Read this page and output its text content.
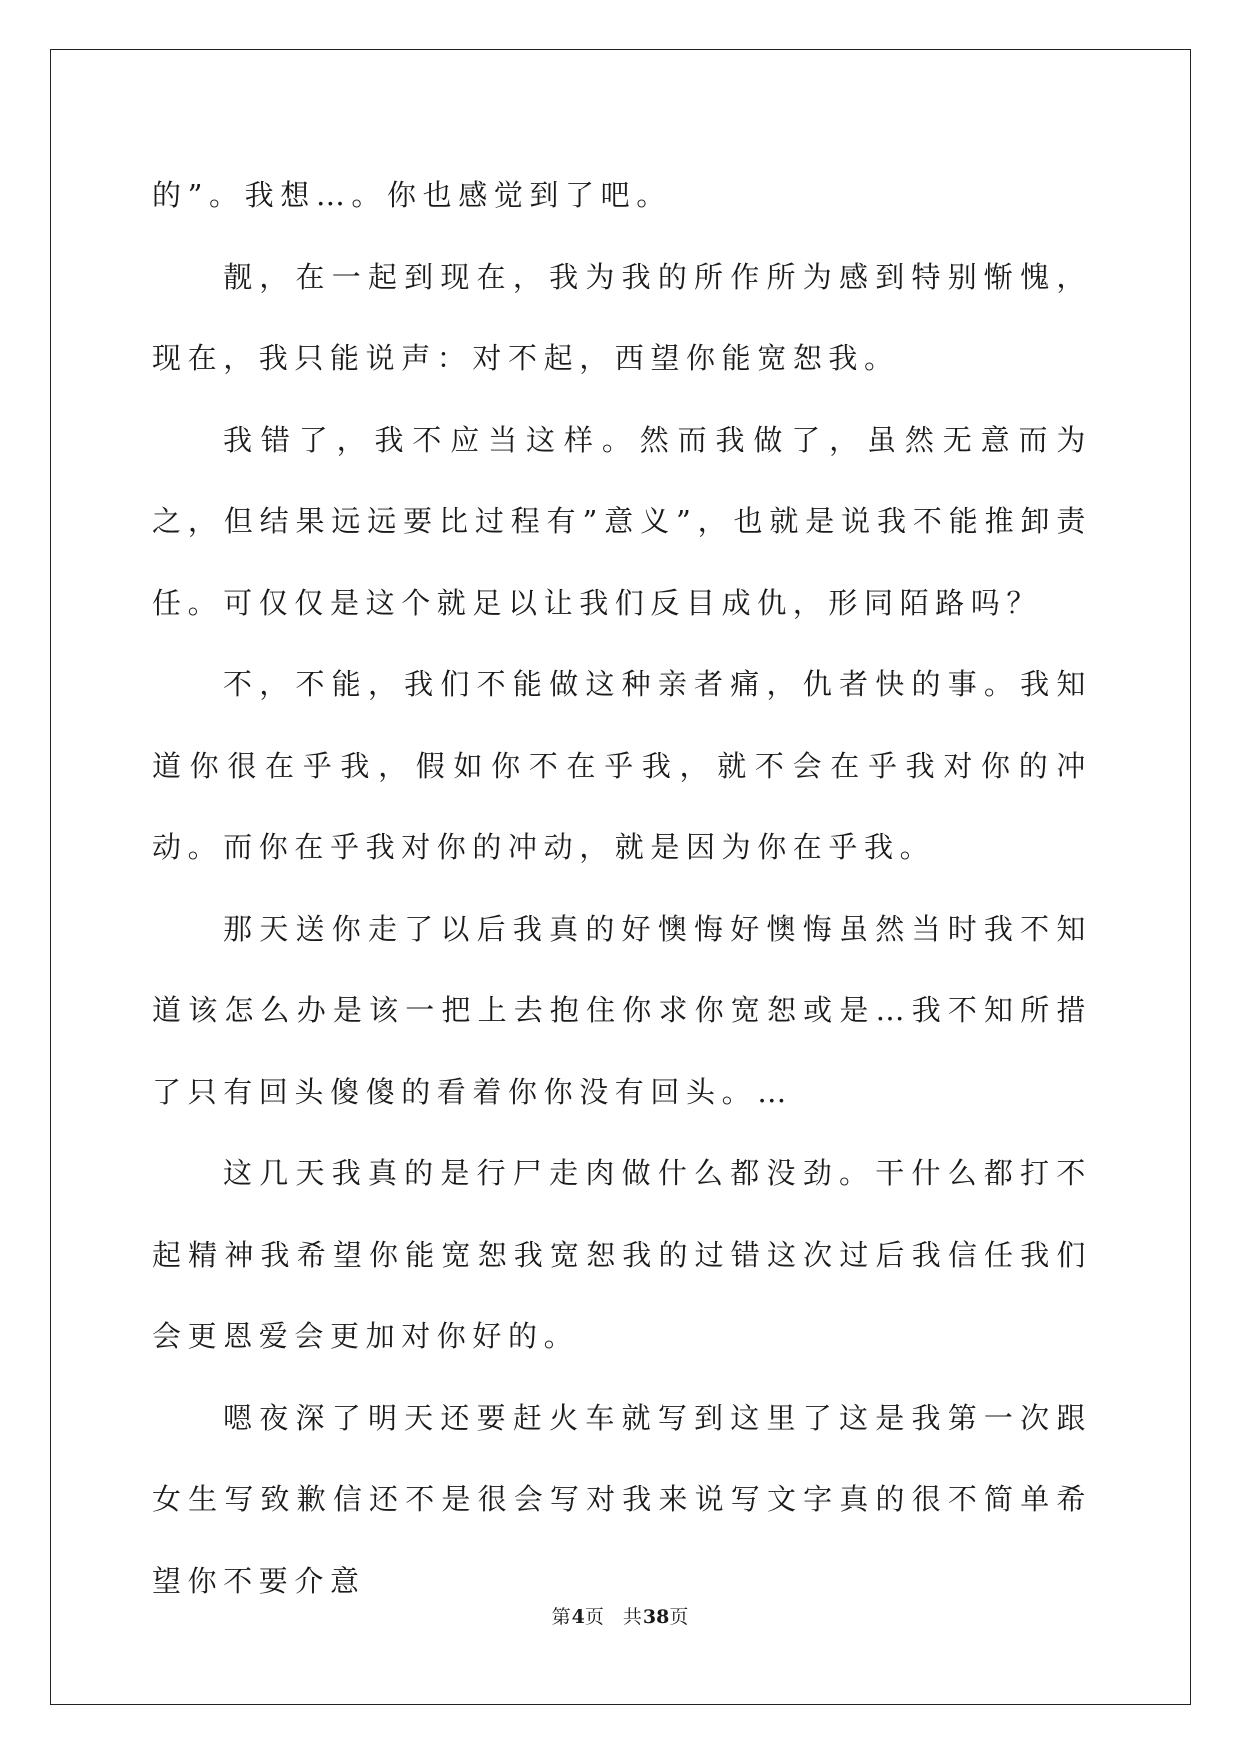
的”。我想…。你也感觉到了吧。

靓，在一起到现在，我为我的所作所为感到特别惭愧，现在，我只能说声：对不起，西望你能宽恕我。

我错了，我不应当这样。然而我做了，虽然无意而为之，但结果远远要比过程有”意义”，也就是说我不能推卸责任。可仅仅是这个就足以让我们反目成仇，形同陌路吗？

不，不能，我们不能做这种亲者痛，仇者快的事。我知道你很在乎我，假如你不在乎我，就不会在乎我对你的冲动。而你在乎我对你的冲动，就是因为你在乎我。

那天送你走了以后我真的好懊悔好懊悔虽然当时我不知道该怎么办是该一把上去抱住你求你宽恕或是…我不知所措了只有回头傻傻的看着你你没有回头。…

这几天我真的是行尸走肉做什么都没劲。干什么都打不起精神我希望你能宽恕我宽恕我的过错这次过后我信任我们会更恩爱会更加对你好的。

嗯夜深了明天还要赶火车就写到这里了这是我第一次跟女生写致歉信还不是很会写对我来说写文字真的很不简单希望你不要介意

第4页 共38页
